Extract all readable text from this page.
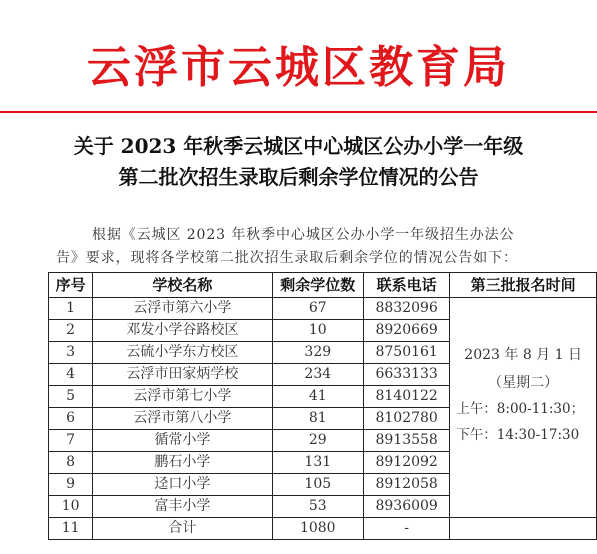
云浮市云城区教育局
关于 2023 年秋季云城区中心城区公办小学一年级
第二批次招生录取后剩余学位情况的公告
根据《云城区 2023 年秋季中心城区公办小学一年级招生办法公
告》要求，现将各学校第二批次招生录取后剩余学位的情况公告如下：
序号	学校名称	剩余学位数	联系电话	第三批报名时间
1	云浮市第六小学	67	8832096	2023 年 8 月 1 日
（星期二）
上午：8:00-11:30；
下午：14:30-17:30

2	邓发小学谷路校区	10	8920669	
3	云硫小学东方校区	329	8750161	
4	云浮市田家炳学校	234	6633133	
5	云浮市第七小学	41	8140122	
6	云浮市第八小学	81	8102780	
7	循常小学	29	8913558	
8	鹏石小学	131	8912092	
9	迳口小学	105	8912058	
10	富丰小学	53	8936009	
11	合计	1080	-	
